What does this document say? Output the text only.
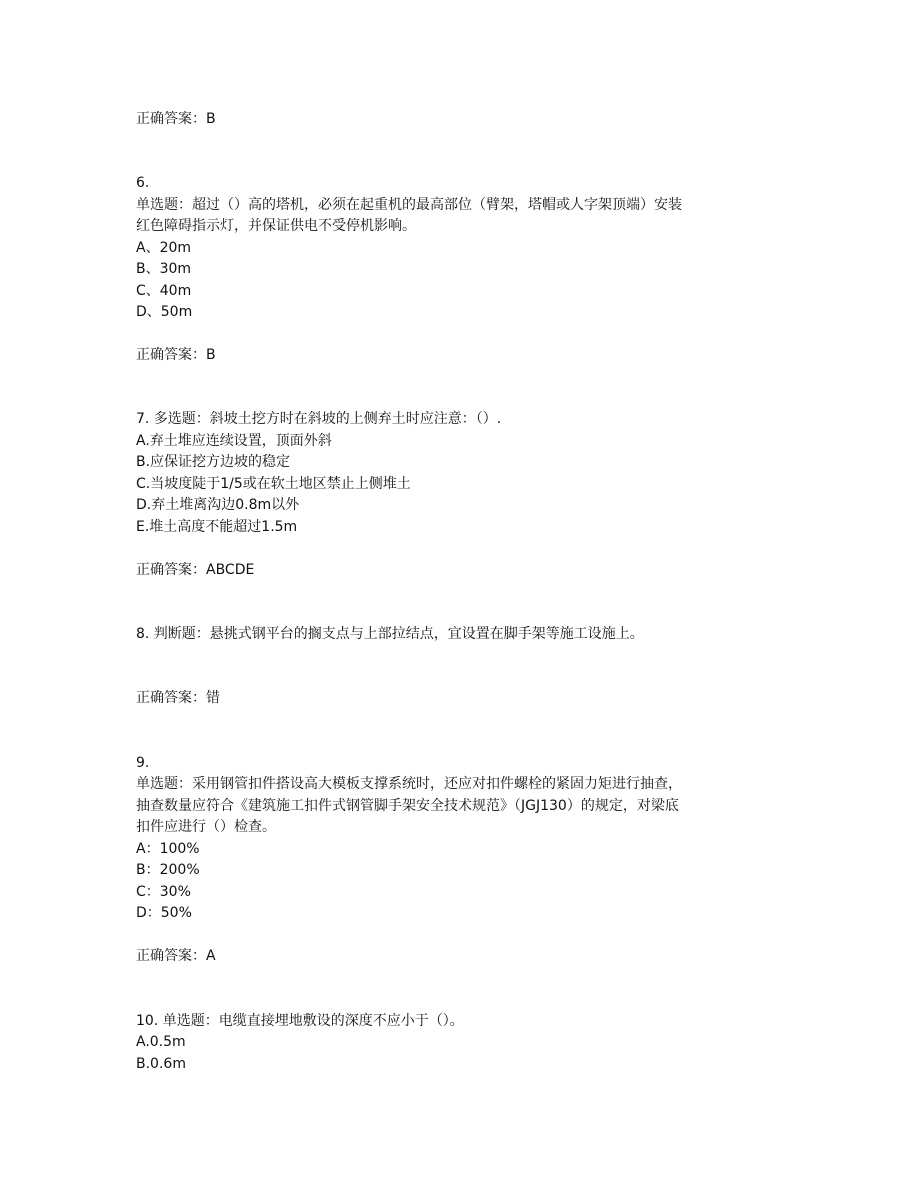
正确答案：B
6.
单选题：超过（）高的塔机，必须在起重机的最高部位（臂架，塔帽或人字架顶端）安装
红色障碍指示灯，并保证供电不受停机影响。
A、20m
B、30m
C、40m
D、50m
正确答案：B
7. 多选题：斜坡土挖方时在斜坡的上侧弃土时应注意：（）.
A.弃土堆应连续设置，顶面外斜
B.应保证挖方边坡的稳定
C.当坡度陡于1/5或在软土地区禁止上侧堆土
D.弃土堆离沟边0.8m以外
E.堆土高度不能超过1.5m
正确答案：ABCDE
8. 判断题：悬挑式钢平台的搁支点与上部拉结点，宜设置在脚手架等施工设施上。
正确答案：错
9.
单选题：采用钢管扣件搭设高大模板支撑系统时，还应对扣件螺栓的紧固力矩进行抽查，
抽查数量应符合《建筑施工扣件式钢管脚手架安全技术规范》（JGJ130）的规定，对梁底
扣件应进行（）检查。
A：100%
B：200%
C：30%
D：50%
正确答案：A
10. 单选题：电缆直接埋地敷设的深度不应小于（）。
A.0.5m
B.0.6m
